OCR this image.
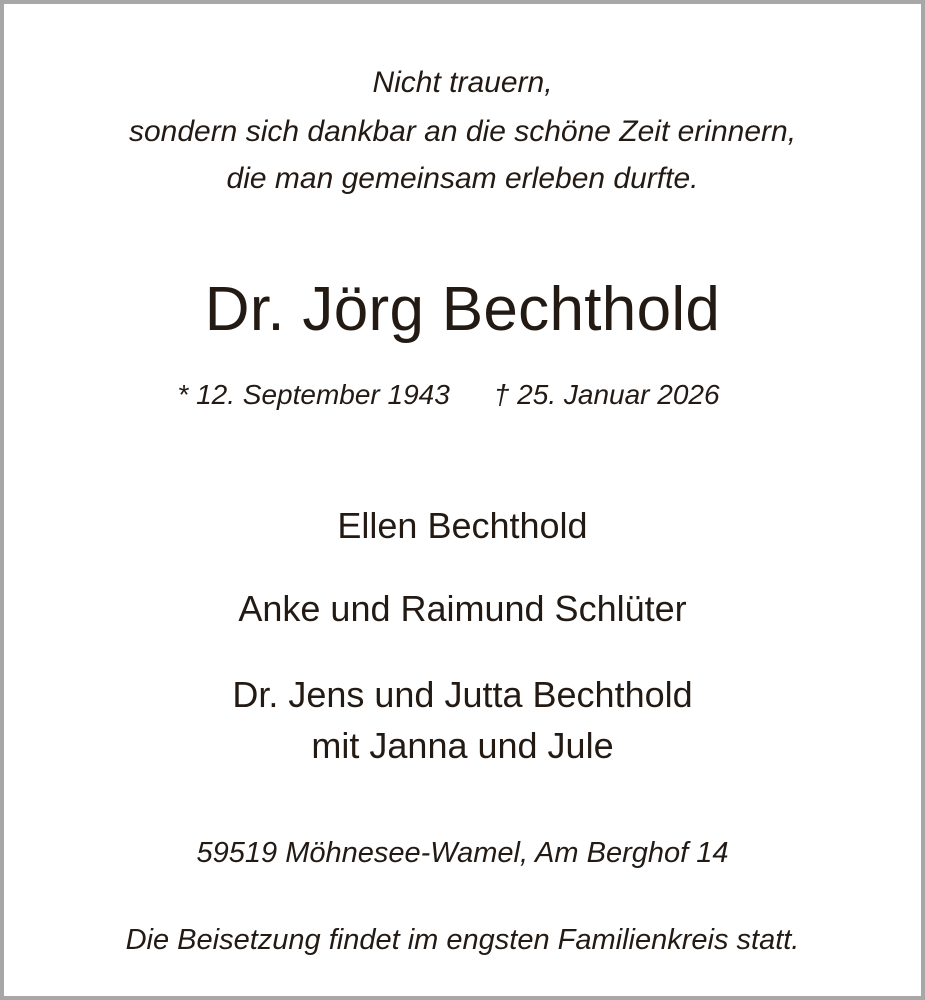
Nicht trauern,
sondern sich dankbar an die schöne Zeit erinnern,
die man gemeinsam erleben durfte.
Dr. Jörg Bechthold
* 12. September 1943 † 25. Januar 2026
Ellen Bechthold
Anke und Raimund Schlüter
Dr. Jens und Jutta Bechthold
mit Janna und Jule
59519 Möhnesee-Wamel, Am Berghof 14
Die Beisetzung findet im engsten Familienkreis statt.
